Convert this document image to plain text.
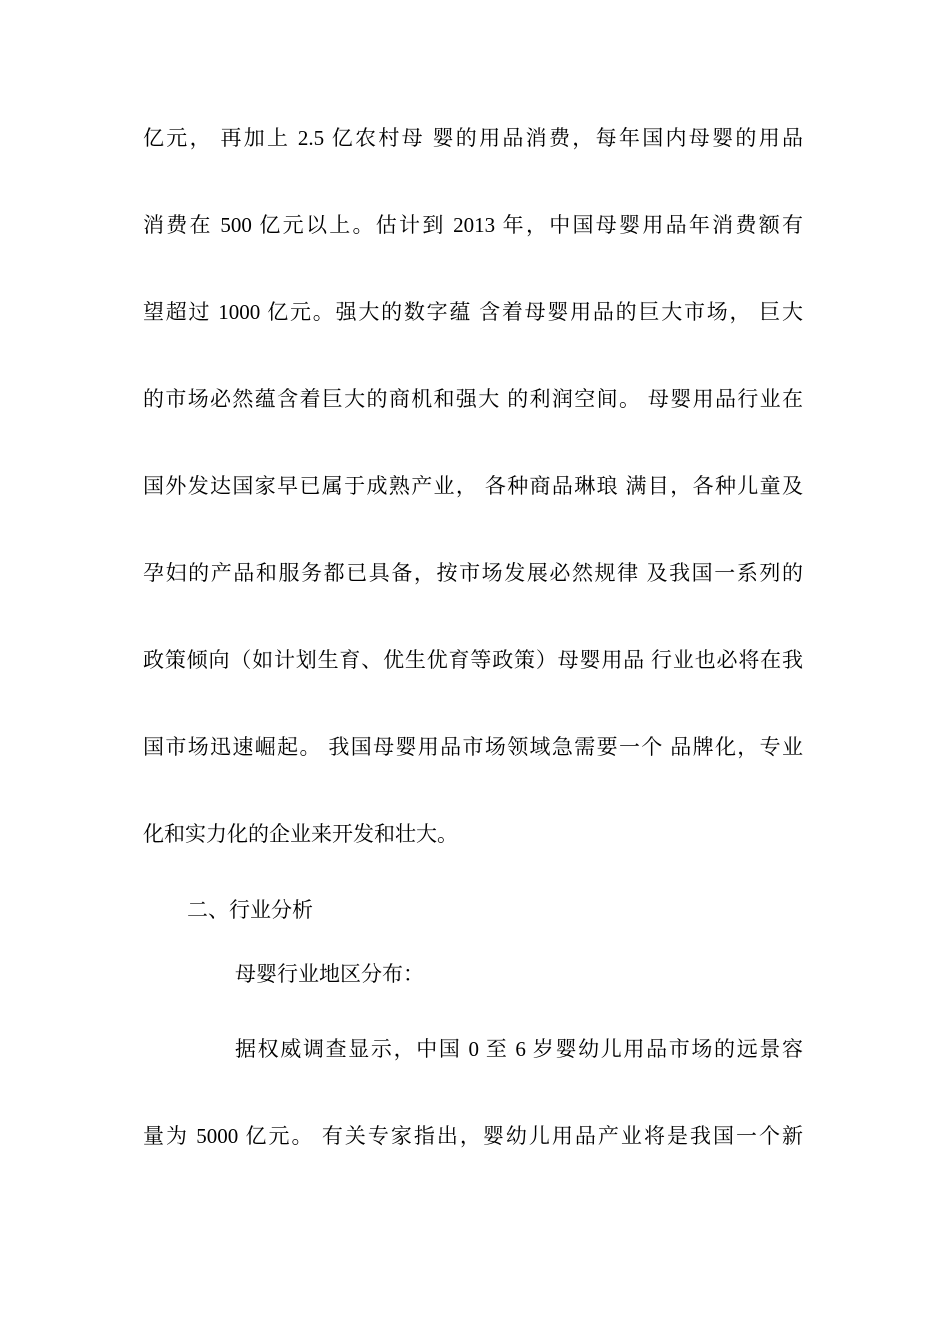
亿元， 再加上 2.5 亿农村母 婴的用品消费，每年国内母婴的用品
消费在 500 亿元以上。估计到 2013 年，中国母婴用品年消费额有
望超过 1000 亿元。强大的数字蕴 含着母婴用品的巨大市场， 巨大
的市场必然蕴含着巨大的商机和强大 的利润空间。 母婴用品行业在
国外发达国家早已属于成熟产业， 各种商品琳琅 满目，各种儿童及
孕妇的产品和服务都已具备，按市场发展必然规律 及我国一系列的
政策倾向（如计划生育、优生优育等政策）母婴用品 行业也必将在我
国市场迅速崛起。 我国母婴用品市场领域急需要一个 品牌化，专业
化和实力化的企业来开发和壮大。
二、行业分析
母婴行业地区分布：
据权威调查显示，中国 0 至 6 岁婴幼儿用品市场的远景容
量为 5000 亿元。 有关专家指出，婴幼儿用品产业将是我国一个新
